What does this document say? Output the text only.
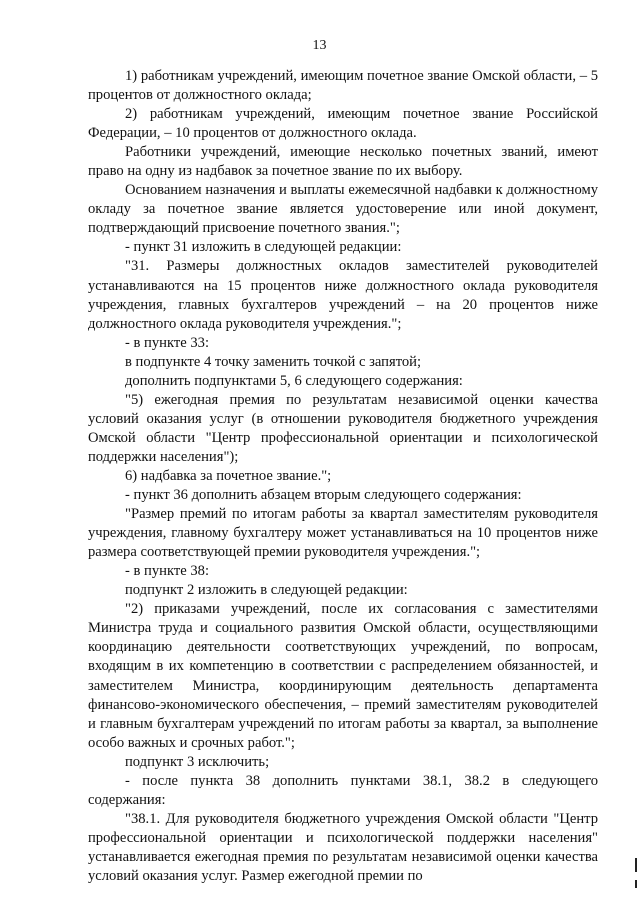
13

1) работникам учреждений, имеющим почетное звание Омской области, – 5 процентов от должностного оклада;

2) работникам учреждений, имеющим почетное звание Российской Федерации, – 10 процентов от должностного оклада.

Работники учреждений, имеющие несколько почетных званий, имеют право на одну из надбавок за почетное звание по их выбору.

Основанием назначения и выплаты ежемесячной надбавки к должностному окладу за почетное звание является удостоверение или иной документ, подтверждающий присвоение почетного звания.";

- пункт 31 изложить в следующей редакции:

"31. Размеры должностных окладов заместителей руководителей устанавливаются на 15 процентов ниже должностного оклада руководителя учреждения, главных бухгалтеров учреждений – на 20 процентов ниже должностного оклада руководителя учреждения.";

- в пункте 33:

в подпункте 4 точку заменить точкой с запятой;

дополнить подпунктами 5, 6 следующего содержания:

"5) ежегодная премия по результатам независимой оценки качества условий оказания услуг (в отношении руководителя бюджетного учреждения Омской области "Центр профессиональной ориентации и психологической поддержки населения");

6) надбавка за почетное звание.";

- пункт 36 дополнить абзацем вторым следующего содержания:

"Размер премий по итогам работы за квартал заместителям руководителя учреждения, главному бухгалтеру может устанавливаться на 10 процентов ниже размера соответствующей премии руководителя учреждения.";

- в пункте 38:

подпункт 2 изложить в следующей редакции:

"2) приказами учреждений, после их согласования с заместителями Министра труда и социального развития Омской области, осуществляющими координацию деятельности соответствующих учреждений, по вопросам, входящим в их компетенцию в соответствии с распределением обязанностей, и заместителем Министра, координирующим деятельность департамента финансово-экономического обеспечения, – премий заместителям руководителей и главным бухгалтерам учреждений по итогам работы за квартал, за выполнение особо важных и срочных работ.";

подпункт 3 исключить;

- после пункта 38 дополнить пунктами 38.1, 38.2 в следующего содержания:

"38.1. Для руководителя бюджетного учреждения Омской области "Центр профессиональной ориентации и психологической поддержки населения" устанавливается ежегодная премия по результатам независимой оценки качества условий оказания услуг. Размер ежегодной премии по
